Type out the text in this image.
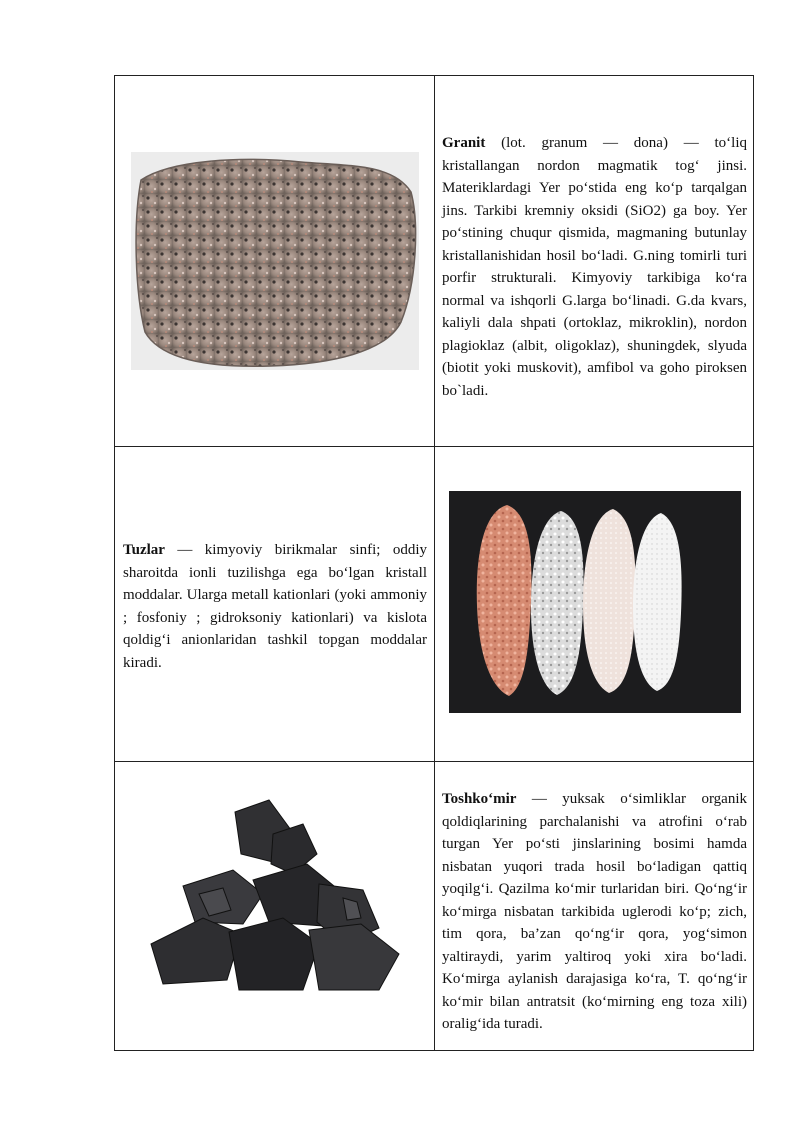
Granit (lot. granum — dona) — to‘liq kristallangan nordon magmatik tog‘ jinsi. Materiklardagi Yer po‘stida eng ko‘p tarqalgan jins. Tarkibi kremniy oksidi (SiO2) ga boy. Yer po‘stining chuqur qismida, magmaning butunlay kristallanishidan hosil bo‘ladi. G.ning tomirli turi porfir strukturali. Kimyoviy tarkibiga ko‘ra normal va ishqorli G.larga bo‘linadi. G.da kvars, kaliyli dala shpati (ortoklaz, mikroklin), nordon plagioklaz (albit, oligoklaz), shuningdek, slyuda (biotit yoki muskovit), amfibol va goho piroksen bo`ladi.
Tuzlar — kimyoviy birikmalar sinfi; oddiy sharoitda ionli tuzilishga ega bo‘lgan kristall moddalar. Ularga metall kationlari (yoki ammoniy ; fosfoniy ; gidroksoniy kationlari) va kislota qoldig‘i anionlaridan tashkil topgan moddalar kiradi.
Toshko‘mir — yuksak o‘simliklar organik qoldiqlarining parchalanishi va atrofini o‘rab turgan Yer po‘sti jinslarining bosimi hamda nisbatan yuqori trada hosil bo‘ladigan qattiq yoqilg‘i. Qazilma ko‘mir turlaridan biri. Qo‘ng‘ir ko‘mirga nisbatan tarkibida uglerodi ko‘p; zich, tim qora, ba’zan qo‘ng‘ir qora, yog‘simon yaltiraydi, yarim yaltiroq yoki xira bo‘ladi. Ko‘mirga aylanish darajasiga ko‘ra, T. qo‘ng‘ir ko‘mir bilan antratsit (ko‘mirning eng toza xili) oralig‘ida turadi.
